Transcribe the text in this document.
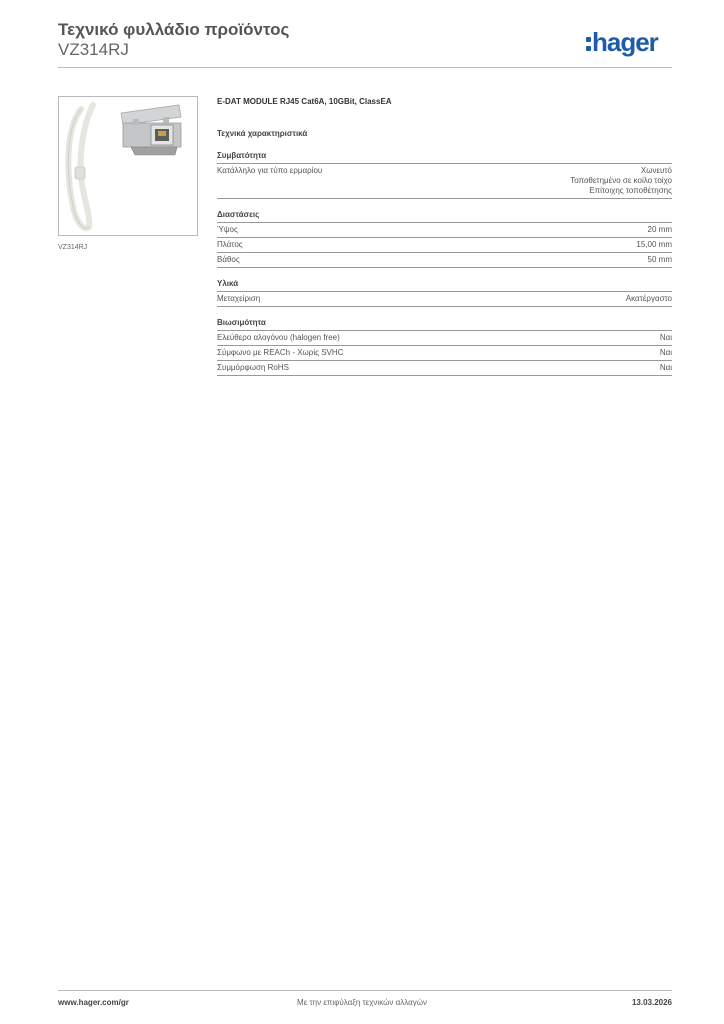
Τεχνικό φυλλάδιο προϊόντος
VZ314RJ	hager
VZ314RJ
E-DAT MODULE RJ45 Cat6A, 10GBit, ClassEA
Τεχνικά χαρακτηριστικά
Συμβατότητα
Κατάλληλο για τύπο ερμαρίου	Χωνευτό
Τοποθετημένο σε κοίλο τοίχο
Επίτοιχης τοποθέτησης
Διαστάσεις
Ύψος	20 mm
Πλάτος	15,00 mm
Βάθος	50 mm
Υλικά
Μεταχείριση	Ακατέργαστο
Βιωσιμότητα
Ελεύθερο αλογόνου (halogen free)	Ναι
Σύμφωνο με REACh - Χωρίς SVHC	Ναι
Συμμόρφωση RoHS	Ναι
www.hager.com/gr	Με την επιφύλαξη τεχνικών αλλαγών	13.03.2026
